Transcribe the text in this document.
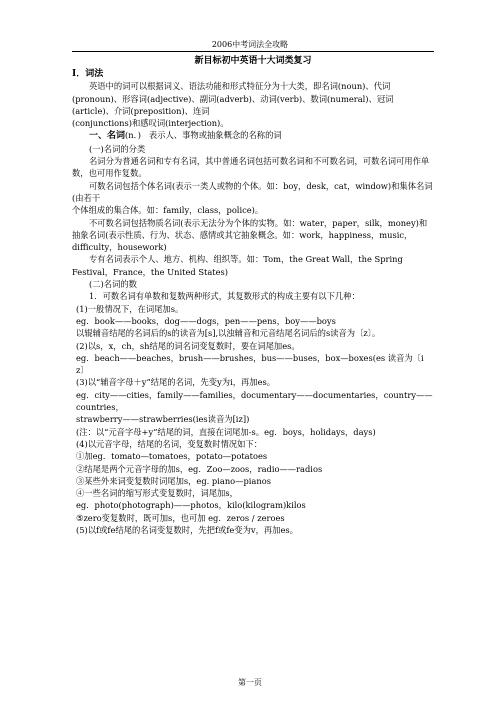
2006中考词法全攻略

新目标初中英语十大词类复习

I．词法

英语中的词可以根据词义、语法功能和形式特征分为十大类，即名词(noun)、代词(pronoun)、形容词(adjective)、副词(adverb)、动词(verb)、数词(numeral)、冠词(article)、介词(preposition)、连词

(conjunctions)和感叹词(interjection)。

一、名词(n．) 表示人、事物或抽象概念的名称的词

(一)名词的分类

名词分为普通名词和专有名词，其中普通名词包括可数名词和不可数名词，可数名词可用作单数，也可用作复数。

可数名词包括个体名词(表示一类人或物的个体。如：boy，desk，cat，window)和集体名词(由若干

个体组成的集合体。如：family，class，police)。

不可数名词包括物质名词(表示无法分为个体的实物。如：water，paper，silk，money)和抽象名词(表示性质、行为、状态、感情或其它抽象概念。如：work，happiness，music，difficulty，housework)

专有名词表示个人、地方、机构、组织等。如：Tom，the Great Wall，the Spring Festival，France，the United States)

(二)名词的数

1．可数名词有单数和复数两种形式，其复数形式的构成主要有以下几种：

(1)一般情况下，在词尾加s。

eg．book——books，dog——dogs，pen——pens，boy——boys

以辊辅音结尾的名词后的s的读音为[s],以浊辅音和元音结尾名词后的s读音为〔z〕。

(2)以s，x，ch，sh结尾的词名词变复数时，要在词尾加es。

eg．beach——beaches，brush——brushes，bus——buses，box—boxes(es 读音为〔i z〕

(3)以“辅音字母＋y”结尾的名词，先变y为i，再加es。

eg．city——cities，family——families，documentary——documentaries，country——countries，

strawberry——strawberries(ies读音为[iz])

(注：以“元音字母+y”结尾的词，直接在词尾加-s。eg．boys，holidays，days)

(4)以元音字母，结尾的名词，变复数时情况如下：

①加eg．tomato—tomatoes，potato—potatoes

②结尾是两个元音字母的加s，eg．Zoo—zoos，radio——radios

③某些外来词变复数时词尾加s，eg. piano—pianos

④一些名词的缩写形式变复数时，词尾加s，

eg．photo(photograph)——photos，kilo(kilogram)kilos

⑤zero变复数时，既可加s，也可加 eg．zeros / zeroes

(5)以f或fe结尾的名词变复数时，先把f或fe变为v，再加es。

第一页
